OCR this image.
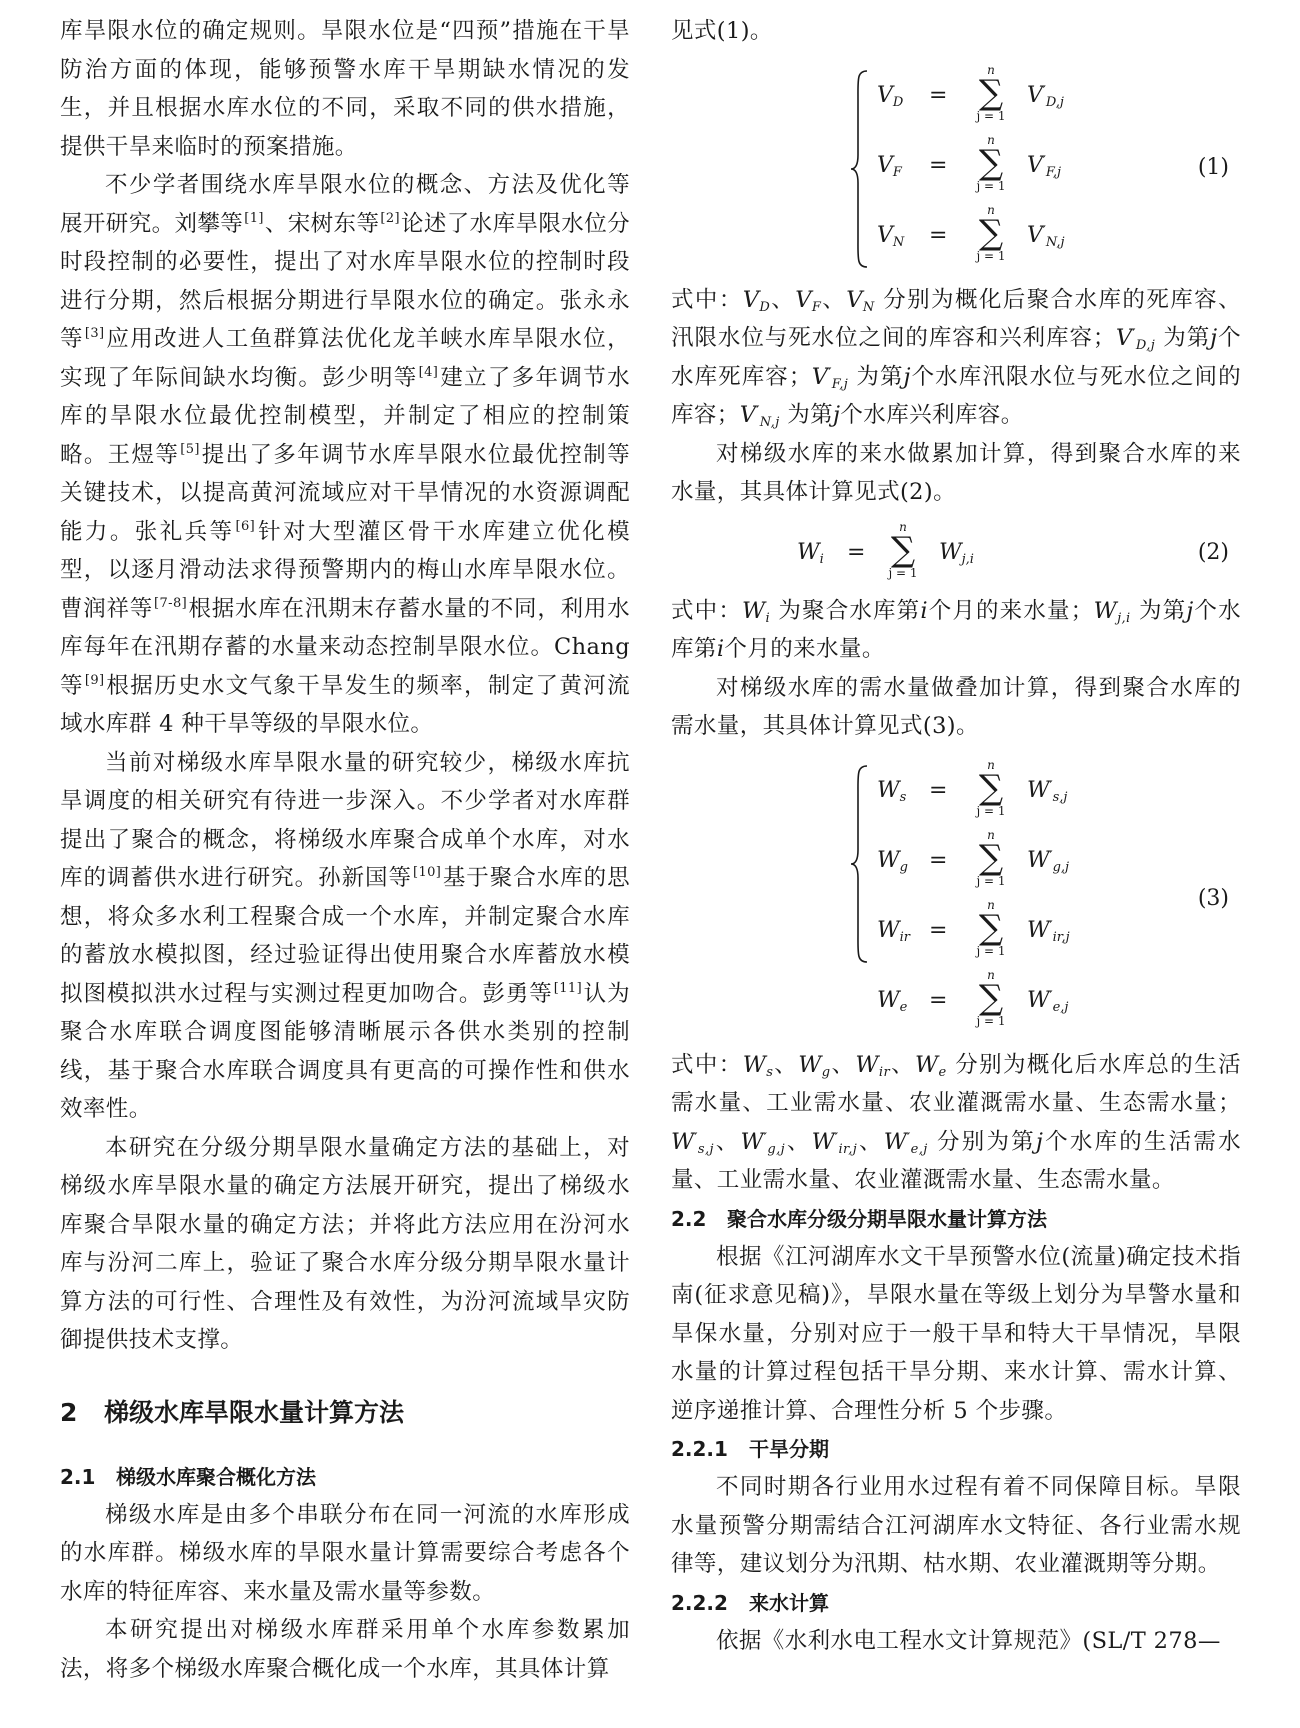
库旱限水位的确定规则。旱限水位是“四预”措施在干旱防治方面的体现，能够预警水库干旱期缺水情况的发生，并且根据水库水位的不同，采取不同的供水措施，提供干旱来临时的预案措施。

不少学者围绕水库旱限水位的概念、方法及优化等展开研究。刘攀等[1]、宋树东等[2]论述了水库旱限水位分时段控制的必要性，提出了对水库旱限水位的控制时段进行分期，然后根据分期进行旱限水位的确定。张永永等[3]应用改进人工鱼群算法优化龙羊峡水库旱限水位，实现了年际间缺水均衡。彭少明等[4]建立了多年调节水库的旱限水位最优控制模型，并制定了相应的控制策略。王煜等[5]提出了多年调节水库旱限水位最优控制等关键技术，以提高黄河流域应对干旱情况的水资源调配能力。张礼兵等[6]针对大型灌区骨干水库建立优化模型，以逐月滑动法求得预警期内的梅山水库旱限水位。曹润祥等[7-8]根据水库在汛期末存蓄水量的不同，利用水库每年在汛期存蓄的水量来动态控制旱限水位。Chang 等[9]根据历史水文气象干旱发生的频率，制定了黄河流域水库群 4 种干旱等级的旱限水位。

当前对梯级水库旱限水量的研究较少，梯级水库抗旱调度的相关研究有待进一步深入。不少学者对水库群提出了聚合的概念，将梯级水库聚合成单个水库，对水库的调蓄供水进行研究。孙新国等[10]基于聚合水库的思想，将众多水利工程聚合成一个水库，并制定聚合水库的蓄放水模拟图，经过验证得出使用聚合水库蓄放水模拟图模拟洪水过程与实测过程更加吻合。彭勇等[11]认为聚合水库联合调度图能够清晰展示各供水类别的控制线，基于聚合水库联合调度具有更高的可操作性和供水效率性。

本研究在分级分期旱限水量确定方法的基础上，对梯级水库旱限水量的确定方法展开研究，提出了梯级水库聚合旱限水量的确定方法；并将此方法应用在汾河水库与汾河二库上，验证了聚合水库分级分期旱限水量计算方法的可行性、合理性及有效性，为汾河流域旱灾防御提供技术支撑。

2 梯级水库旱限水量计算方法
2.1 梯级水库聚合概化方法

梯级水库是由多个串联分布在同一河流的水库形成的水库群。梯级水库的旱限水量计算需要综合考虑各个水库的特征库容、来水量及需水量等参数。

本研究提出对梯级水库群采用单个水库参数累加法，将多个梯级水库聚合概化成一个水库，其具体计算

见式(1)。

$V_D$ =
n
∑
j = 1
$V'_{D,j}$
$V_F$ =
n
∑
j = 1
$V'_{F,j}$
$V_N$ =
n
∑
j = 1
$V'_{N,j}$
(1)

式中：$V_D$、$V_F$、$V_N$ 分别为概化后聚合水库的死库容、汛限水位与死水位之间的库容和兴利库容；$V'_{D,j}$ 为第j个水库死库容；$V'_{F,j}$ 为第j个水库汛限水位与死水位之间的库容；$V'_{N,j}$ 为第j个水库兴利库容。

对梯级水库的来水做累加计算，得到聚合水库的来水量，其具体计算见式(2)。

$W_i$ =
n
∑
j = 1
$W_{j,i}$	(2)

式中：$W_i$ 为聚合水库第i个月的来水量；$W_{j,i}$ 为第j个水库第i个月的来水量。

对梯级水库的需水量做叠加计算，得到聚合水库的需水量，其具体计算见式(3)。

$W_s$ =
n
∑
j = 1
$W'_{s,j}$
$W_g$ =
n
∑
j = 1
$W'_{g,j}$
$W_{ir}$ =
n
∑
j = 1
$W'_{ir,j}$
$W_e$ =
n
∑
j = 1
$W'_{e,j}$
(3)

式中：$W_s$、$W_g$、$W_{ir}$、$W_e$ 分别为概化后水库总的生活需水量、工业需水量、农业灌溉需水量、生态需水量；$W'_{s,j}$、$W'_{g,j}$、$W'_{ir,j}$、$W'_{e,j}$ 分别为第j个水库的生活需水量、工业需水量、农业灌溉需水量、生态需水量。

2.2 聚合水库分级分期旱限水量计算方法

根据《江河湖库水文干旱预警水位(流量)确定技术指南(征求意见稿)》，旱限水量在等级上划分为旱警水量和旱保水量，分别对应于一般干旱和特大干旱情况，旱限水量的计算过程包括干旱分期、来水计算、需水计算、逆序递推计算、合理性分析 5 个步骤。

2.2.1 干旱分期

不同时期各行业用水过程有着不同保障目标。旱限水量预警分期需结合江河湖库水文特征、各行业需水规律等，建议划分为汛期、枯水期、农业灌溉期等分期。

2.2.2 来水计算

依据《水利水电工程水文计算规范》(SL/T 278—
